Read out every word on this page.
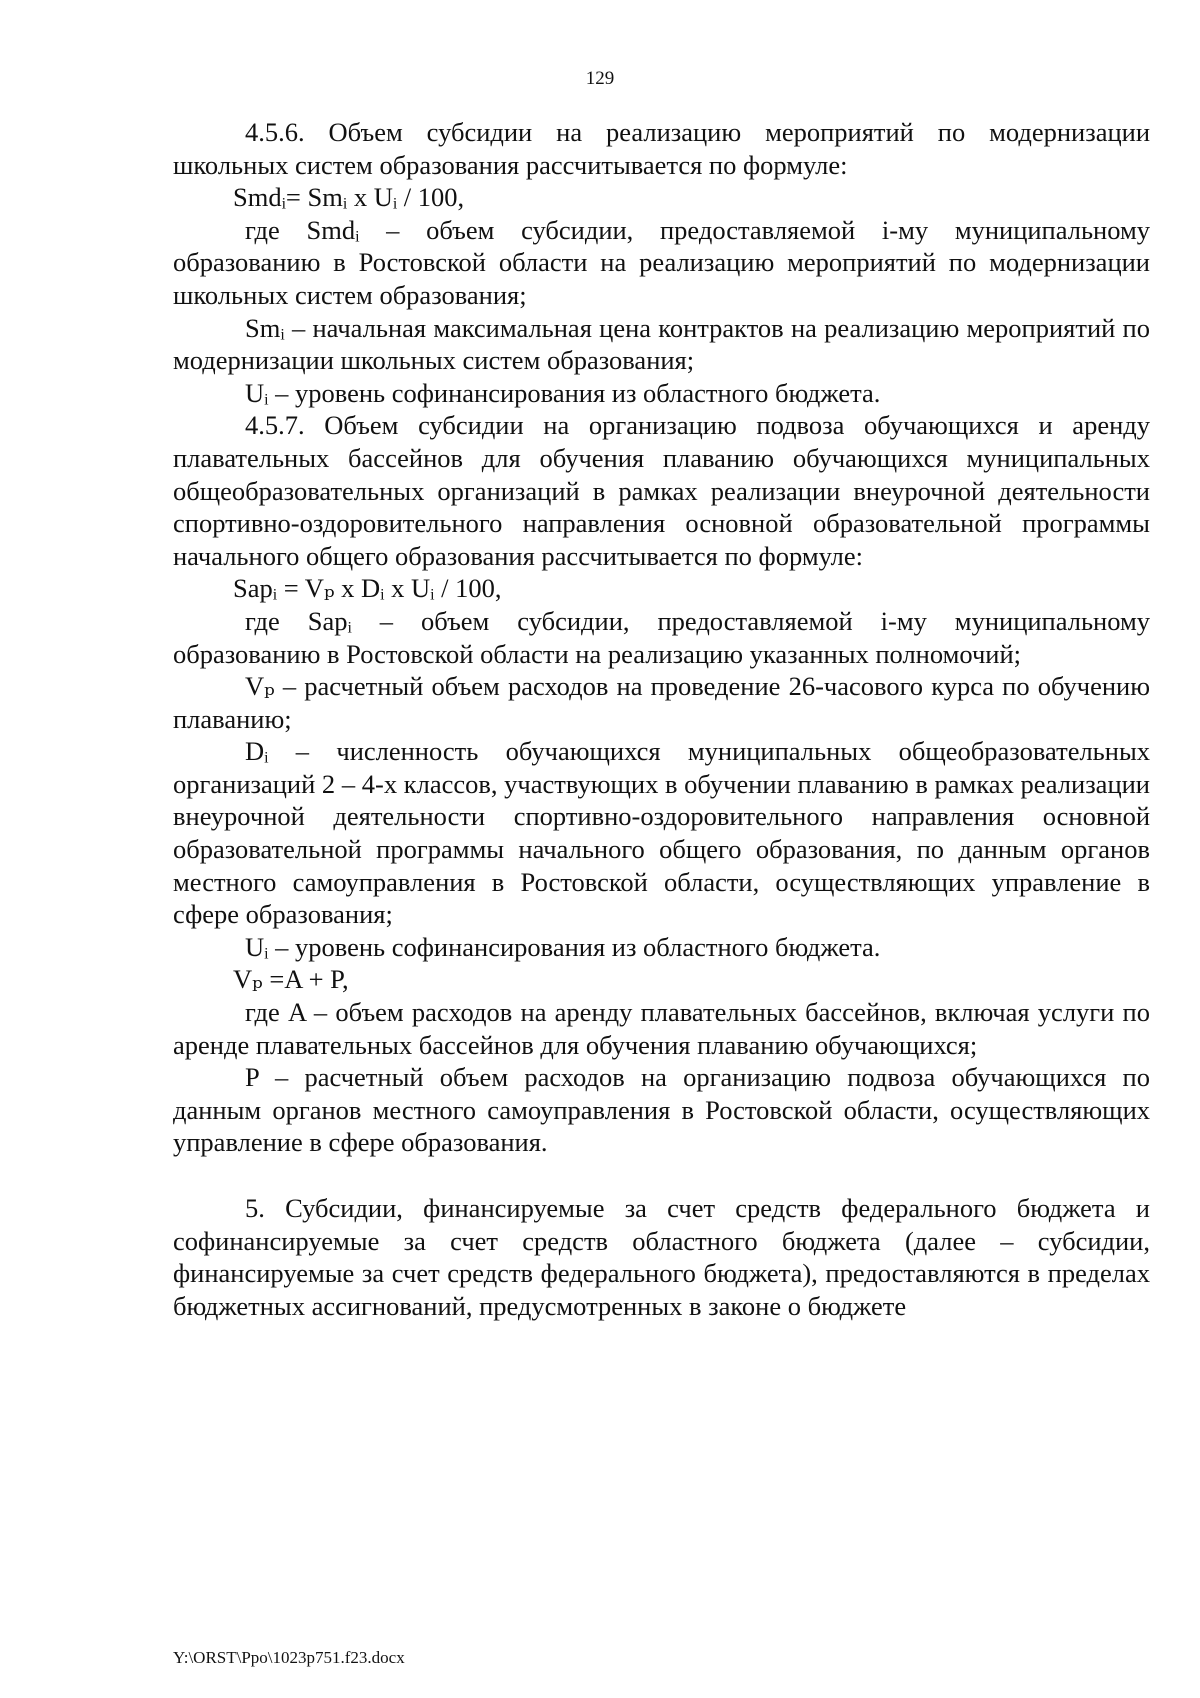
129

4.5.6. Объем субсидии на реализацию мероприятий по модернизации школьных систем образования рассчитывается по формуле:

Smdᵢ= Smᵢ x Uᵢ / 100,

где Smdᵢ – объем субсидии, предоставляемой i-му муниципальному образованию в Ростовской области на реализацию мероприятий по модернизации школьных систем образования;

Smᵢ – начальная максимальная цена контрактов на реализацию мероприятий по модернизации школьных систем образования;

Uᵢ – уровень софинансирования из областного бюджета.

4.5.7. Объем субсидии на организацию подвоза обучающихся и аренду плавательных бассейнов для обучения плаванию обучающихся муниципальных общеобразовательных организаций в рамках реализации внеурочной деятельности спортивно-оздоровительного направления основной образовательной программы начального общего образования рассчитывается по формуле:

Sapᵢ = Vₚ x Dᵢ x Uᵢ / 100,

где Sapᵢ – объем субсидии, предоставляемой i-му муниципальному образованию в Ростовской области на реализацию указанных полномочий;

Vₚ – расчетный объем расходов на проведение 26-часового курса по обучению плаванию;

Dᵢ – численность обучающихся муниципальных общеобразовательных организаций 2 – 4-х классов, участвующих в обучении плаванию в рамках реализации внеурочной деятельности спортивно-оздоровительного направления основной образовательной программы начального общего образования, по данным органов местного самоуправления в Ростовской области, осуществляющих управление в сфере образования;

Uᵢ – уровень софинансирования из областного бюджета.

Vₚ =A + P,

где A – объем расходов на аренду плавательных бассейнов, включая услуги по аренде плавательных бассейнов для обучения плаванию обучающихся;

P – расчетный объем расходов на организацию подвоза обучающихся по данным органов местного самоуправления в Ростовской области, осуществляющих управление в сфере образования.

5. Субсидии, финансируемые за счет средств федерального бюджета и софинансируемые за счет средств областного бюджета (далее – субсидии, финансируемые за счет средств федерального бюджета), предоставляются в пределах бюджетных ассигнований, предусмотренных в законе о бюджете

Y:\ORST\Ppo\1023p751.f23.docx
